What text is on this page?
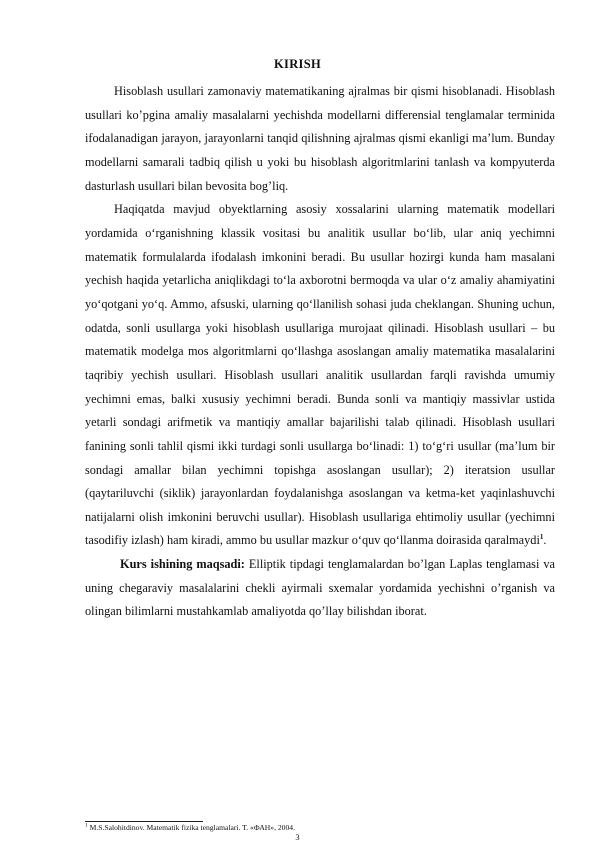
KIRISH

Hisoblash usullari zamonaviy matematikaning ajralmas bir qismi hisoblanadi. Hisoblash usullari ko’pgina amaliy masalalarni yechishda modellarni differensial tenglamalar terminida ifodalanadigan jarayon, jarayonlarni tanqid qilishning ajralmas qismi ekanligi ma’lum. Bunday modellarni samarali tadbiq qilish u yoki bu hisoblash algoritmlarini tanlash va kompyuterda dasturlash usullari bilan bevosita bog’liq.

Haqiqatda mavjud obyektlarning asosiy xossalarini ularning matematik modellari yordamida o‘rganishning klassik vositasi bu analitik usullar bo‘lib, ular aniq yechimni matematik formulalarda ifodalash imkonini beradi. Bu usullar hozirgi kunda ham masalani yechish haqida yetarlicha aniqlikdagi to‘la axborotni bermoqda va ular o‘z amaliy ahamiyatini yo‘qotgani yo‘q. Ammo, afsuski, ularning qo‘llanilish sohasi juda cheklangan. Shuning uchun, odatda, sonli usullarga yoki hisoblash usullariga murojaat qilinadi. Hisoblash usullari – bu matematik modelga mos algoritmlarni qo‘llashga asoslangan amaliy matematika masalalarini taqribiy yechish usullari. Hisoblash usullari analitik usullardan farqli ravishda umumiy yechimni emas, balki xususiy yechimni beradi. Bunda sonli va mantiqiy massivlar ustida yetarli sondagi arifmetik va mantiqiy amallar bajarilishi talab qilinadi. Hisoblash usullari fanining sonli tahlil qismi ikki turdagi sonli usullarga bo‘linadi: 1) to‘g‘ri usullar (ma’lum bir sondagi amallar bilan yechimni topishga asoslangan usullar); 2) iteratsion usullar (qaytariluvchi (siklik) jarayonlardan foydalanishga asoslangan va ketma-ket yaqinlashuvchi natijalarni olish imkonini beruvchi usullar). Hisoblash usullariga ehtimoliy usullar (yechimni tasodifiy izlash) ham kiradi, ammo bu usullar mazkur o‘quv qo‘llanma doirasida qaralmaydi$^1$.

Kurs ishining maqsadi: Elliptik tipdagi tenglamalardan bo’lgan Laplas tenglamasi va uning chegaraviy masalalarini chekli ayirmali sxemalar yordamida yechishni o’rganish va olingan bilimlarni mustahkamlab amaliyotda qo’llay bilishdan iborat.

$^1$ M.S.Salohitdinov. Matematik fizika tenglamalari. T. «ФАН», 2004.
3
